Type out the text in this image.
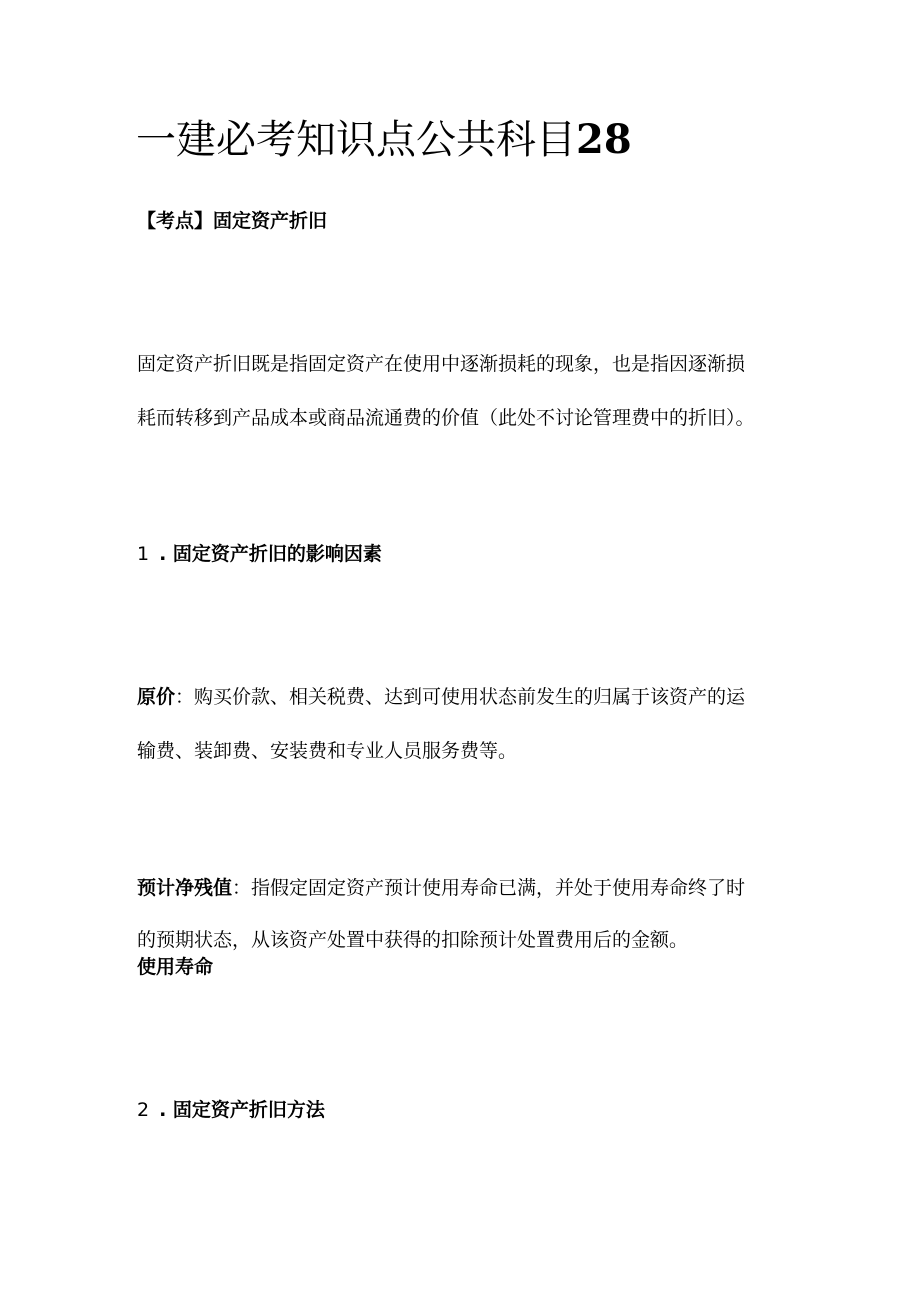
一建必考知识点公共科目28
【考点】固定资产折旧
固定资产折旧既是指固定资产在使用中逐渐损耗的现象，也是指因逐渐损
耗而转移到产品成本或商品流通费的价值（此处不讨论管理费中的折旧）。
1 . 固定资产折旧的影响因素
原价：购买价款、相关税费、达到可使用状态前发生的归属于该资产的运
输费、装卸费、安装费和专业人员服务费等。
预计净残值：指假定固定资产预计使用寿命已满，并处于使用寿命终了时
的预期状态，从该资产处置中获得的扣除预计处置费用后的金额。
使用寿命
2 . 固定资产折旧方法
